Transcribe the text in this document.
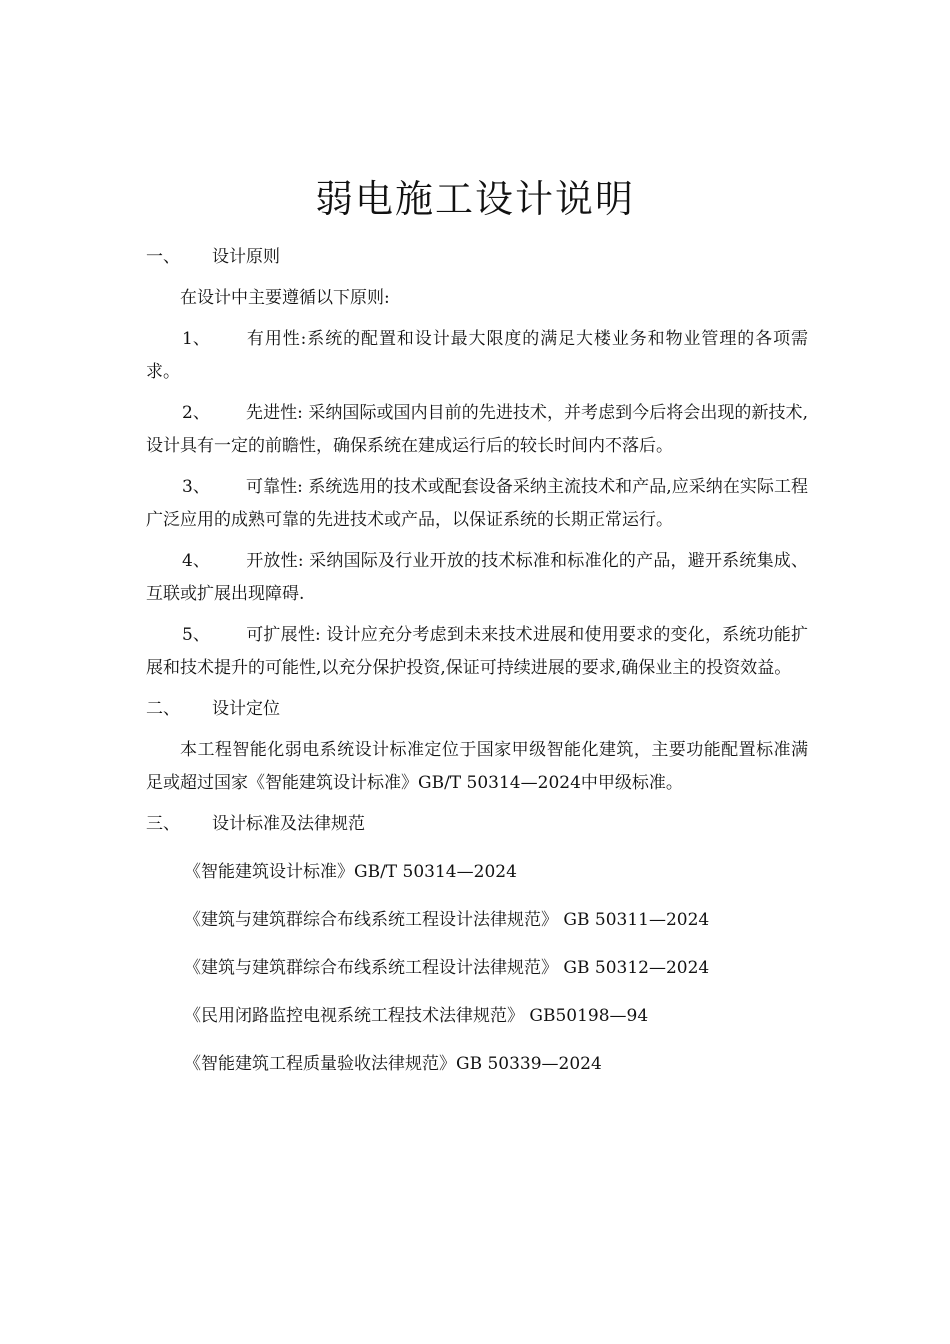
弱电施工设计说明
一、	设计原则

在设计中主要遵循以下原则:

1、 有用性:系统的配置和设计最大限度的满足大楼业务和物业管理的各项需求。

2、 先进性: 采纳国际或国内目前的先进技术，并考虑到今后将会出现的新技术,设计具有一定的前瞻性，确保系统在建成运行后的较长时间内不落后。

3、 可靠性: 系统选用的技术或配套设备采纳主流技术和产品,应采纳在实际工程广泛应用的成熟可靠的先进技术或产品，以保证系统的长期正常运行。

4、 开放性: 采纳国际及行业开放的技术标准和标准化的产品，避开系统集成、互联或扩展出现障碍.

5、 可扩展性: 设计应充分考虑到未来技术进展和使用要求的变化，系统功能扩展和技术提升的可能性,以充分保护投资,保证可持续进展的要求,确保业主的投资效益。

二、	设计定位

本工程智能化弱电系统设计标准定位于国家甲级智能化建筑，主要功能配置标准满足或超过国家《智能建筑设计标准》GB/T 50314—2024中甲级标准。

三、	设计标准及法律规范

《智能建筑设计标准》GB/T 50314—2024

《建筑与建筑群综合布线系统工程设计法律规范》 GB 50311—2024

《建筑与建筑群综合布线系统工程设计法律规范》 GB 50312—2024

《民用闭路监控电视系统工程技术法律规范》 GB50198—94

《智能建筑工程质量验收法律规范》GB 50339—2024
